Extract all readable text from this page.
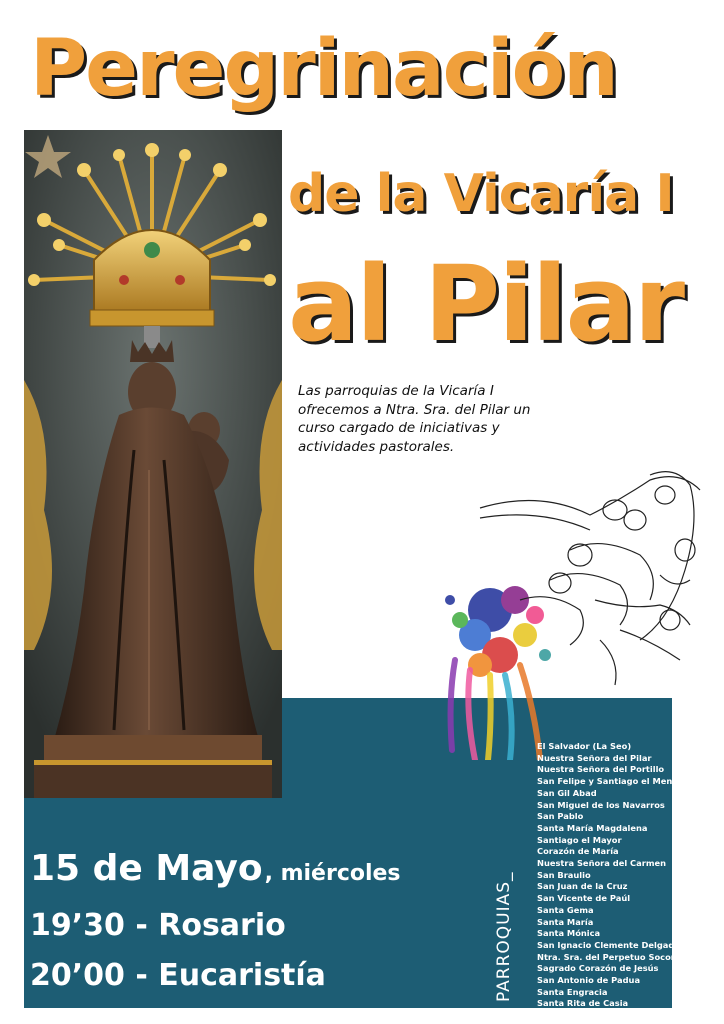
Peregrinación
de la Vicaría I
al Pilar
Las parroquias de la Vicaría I ofrecemos a Ntra. Sra. del Pilar un curso cargado de iniciativas y actividades pastorales.
15 de Mayo, miércoles
19’30 - Rosario
20’00 - Eucaristía	PARROQUIAS_
El Salvador (La Seo)
Nuestra Señora del Pilar
Nuestra Señora del Portillo
San Felipe y Santiago el Menor
San Gil Abad
San Miguel de los Navarros
San Pablo
Santa María Magdalena
Santiago el Mayor
Corazón de María
Nuestra Señora del Carmen
San Braulio
San Juan de la Cruz
San Vicente de Paúl
Santa Gema
Santa María
Santa Mónica
San Ignacio Clemente Delgado
Ntra. Sra. del Perpetuo Socorro
Sagrado Corazón de Jesús
San Antonio de Padua
Santa Engracia
Santa Rita de Casia
